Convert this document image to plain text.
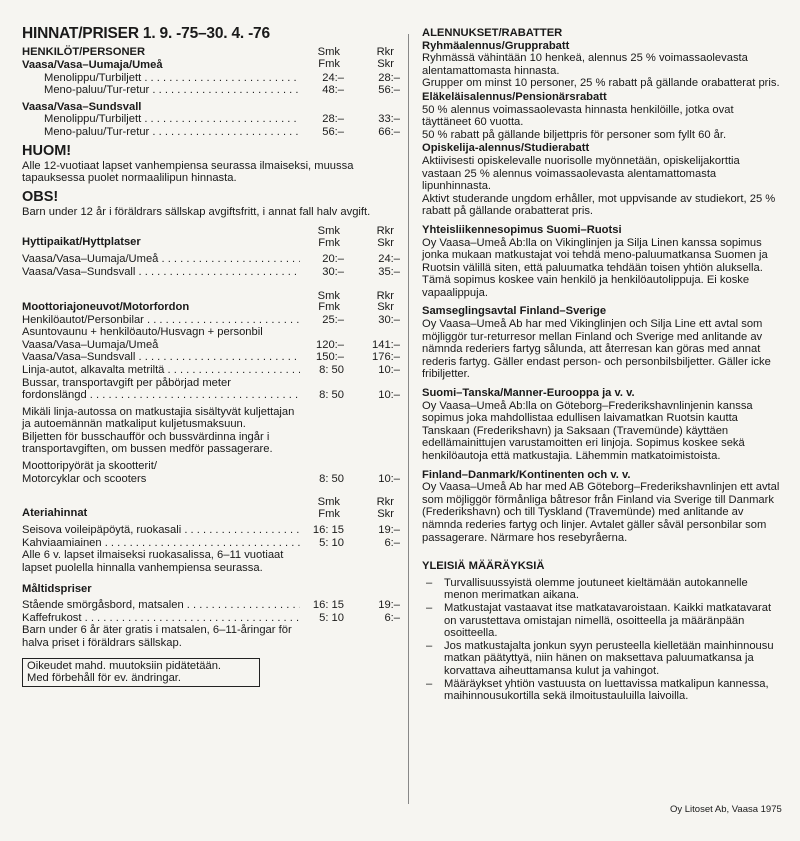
HINNAT/PRISER 1. 9. -75–30. 4. -76
HENKILÖT/PERSONER	Smk
Fmk
Rkr
Skr
Vaasa/Vasa–Uumaja/Umeå
Menolippu/Turbiljett . . .	24:–	28:–
Meno-paluu/Tur-retur . . .	48:–	56:–
Vaasa/Vasa–Sundsvall
Menolippu/Turbiljett . . .	28:–	33:–
Meno-paluu/Tur-retur . . .	56:–	66:–
HUOM!

Alle 12-vuotiaat lapset vanhempiensa seurassa ilmaiseksi, muussa tapauksessa puolet normaalilipun hinnasta.

OBS!

Barn under 12 år i föräldrars sällskap avgiftsfritt, i annat fall halv avgift.

Hyttipaikat/Hyttplatser
Smk
Fmk
Rkr
Skr
Vaasa/Vasa–Uumaja/Umeå . . .	20:–	24:–
Vaasa/Vasa–Sundsvall . . .	30:–	35:–
Moottoriajoneuvot/Motorfordon
Smk
Fmk
Rkr
Skr
Henkilöautot/Personbilar . . .	25:–	30:–

Asuntovaunu + henkilöauto/Husvagn + personbil Vaasa/Vasa–Uumaja/Umeå	120:–	141:–
Vaasa/Vasa–Sundsvall . . .	150:–	176:–
Linja-autot, alkavalta metriltä . . .	8: 50	10:–

Bussar, transportavgift per påbörjad meter

fordonslängd . . .	8: 50	10:–

Mikäli linja-autossa on matkustajia sisältyvät kuljettajan ja autoemännän matkaliput kuljetusmaksuun.

Biljetten för busschaufför och bussvärdinna ingår i transportavgiften, om bussen medför passagerare.

Moottoripyörät ja skootterit/

Motorcyklar och scooters	8: 50	10:–
Ateriahinnat
Smk
Fmk
Rkr
Skr
Seisova voileipäpöytä, ruokasali . . .	16: 15	19:–
Kahviaamiainen . . .	5: 10	6:–

Alle 6 v. lapset ilmaiseksi ruokasalissa, 6–11 vuotiaat lapset puolella hinnalla vanhempiensa seurassa.

Måltidspriser
Stående smörgåsbord, matsalen . . .	16: 15	19:–
Kaffefrukost . . .	5: 10	6:–

Barn under 6 år äter gratis i matsalen, 6–11-åringar för halva priset i föräldrars sällskap.

Oikeudet mahd. muutoksiin pidätetään.
Med förbehåll för ev. ändringar.
ALENNUKSET/RABATTER
Ryhmäalennus/Grupprabatt

Ryhmässä vähintään 10 henkeä, alennus 25 % voimassaolevasta alentamattomasta hinnasta.

Grupper om minst 10 personer, 25 % rabatt på gällande orabatterat pris.

Eläkeläisalennus/Pensionärsrabatt

50 % alennus voimassaolevasta hinnasta henkilöille, jotka ovat täyttäneet 60 vuotta.

50 % rabatt på gällande biljettpris för personer som fyllt 60 år.

Opiskelija-alennus/Studierabatt

Aktiivisesti opiskelevalle nuorisolle myönnetään, opiskelijakorttia vastaan 25 % alennus voimassaolevasta alentamattomasta lipunhinnasta.

Aktivt studerande ungdom erhåller, mot uppvisande av studiekort, 25 % rabatt på gällande orabatterat pris.

Yhteisliikennesopimus Suomi–Ruotsi

Oy Vaasa–Umeå Ab:lla on Vikinglinjen ja Silja Linen kanssa sopimus jonka mukaan matkustajat voi tehdä meno-paluumatkansa Suomen ja Ruotsin välillä siten, että paluumatka tehdään toisen yhtiön aluksella. Tämä sopimus koskee vain henkilö ja henkilöautolippuja. Ei koske vapaalippuja.

Samseglingsavtal Finland–Sverige

Oy Vaasa–Umeå Ab har med Vikinglinjen och Silja Line ett avtal som möjliggör tur-returresor mellan Finland och Sverige med anlitande av nämnda rederiers fartyg sålunda, att återresan kan göras med annat rederis fartyg. Gäller endast person- och personbilsbiljetter. Gäller icke fribiljetter.

Suomi–Tanska/Manner-Eurooppa ja v. v.

Oy Vaasa–Umeå Ab:lla on Göteborg–Frederikshavnlinjenin kanssa sopimus joka mahdollistaa edullisen laivamatkan Ruotsin kautta Tanskaan (Frederikshavn) ja Saksaan (Travemünde) käyttäen edellämainittujen varustamoitten eri linjoja. Sopimus koskee sekä henkilöautoja että matkustajia. Lähemmin matkatoimistoista.

Finland–Danmark/Kontinenten och v. v.

Oy Vaasa–Umeå Ab har med AB Göteborg–Frederikshavnlinjen ett avtal som möjliggör förmånliga båtresor från Finland via Sverige till Danmark (Frederikshavn) och till Tyskland (Travemünde) med anlitande av nämnda rederies fartyg och linjer. Avtalet gäller såväl personbilar som passagerare. Närmare hos resebyråerna.

YLEISIÄ MÄÄRÄYKSIÄ
–	Turvallisuussyistä olemme joutuneet kieltämään autokannelle menon merimatkan aikana.
–	Matkustajat vastaavat itse matkatavaroistaan. Kaikki matkatavarat on varustettava omistajan nimellä, osoitteella ja määränpään osoitteella.
–	Jos matkustajalta jonkun syyn perusteella kielletään mainhinnousu matkan päätyttyä, niin hänen on maksettava paluumatkansa ja korvattava aiheuttamansa kulut ja vahingot.
–	Määräykset yhtiön vastuusta on luettavissa matkalipun kannessa, maihinnousukortilla sekä ilmoitustauluilla laivoilla.
Oy Litoset Ab, Vaasa 1975
